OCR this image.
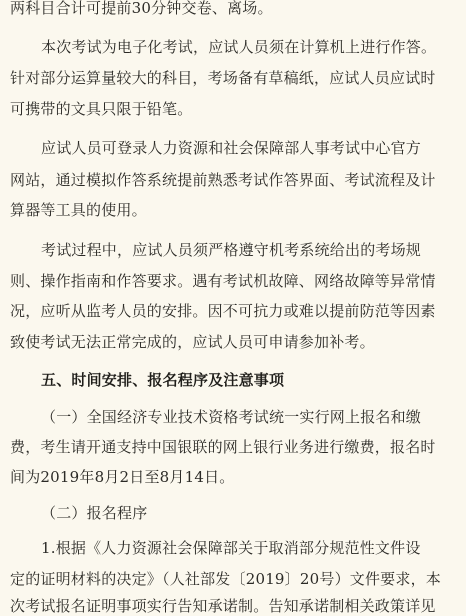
两科目合计可提前30分钟交卷、离场。
本次考试为电子化考试，应试人员须在计算机上进行作答。
针对部分运算量较大的科目，考场备有草稿纸，应试人员应试时
可携带的文具只限于铅笔。
应试人员可登录人力资源和社会保障部人事考试中心官方
网站，通过模拟作答系统提前熟悉考试作答界面、考试流程及计
算器等工具的使用。
考试过程中，应试人员须严格遵守机考系统给出的考场规
则、操作指南和作答要求。遇有考试机故障、网络故障等异常情
况，应听从监考人员的安排。因不可抗力或难以提前防范等因素
致使考试无法正常完成的，应试人员可申请参加补考。
五、时间安排、报名程序及注意事项
（一）全国经济专业技术资格考试统一实行网上报名和缴
费，考生请开通支持中国银联的网上银行业务进行缴费，报名时
间为2019年8月2日至8月14日。
（二）报名程序
1.根据《人力资源社会保障部关于取消部分规范性文件设
定的证明材料的决定》（人社部发〔2019〕20号）文件要求，本
次考试报名证明事项实行告知承诺制。告知承诺制相关政策详见
